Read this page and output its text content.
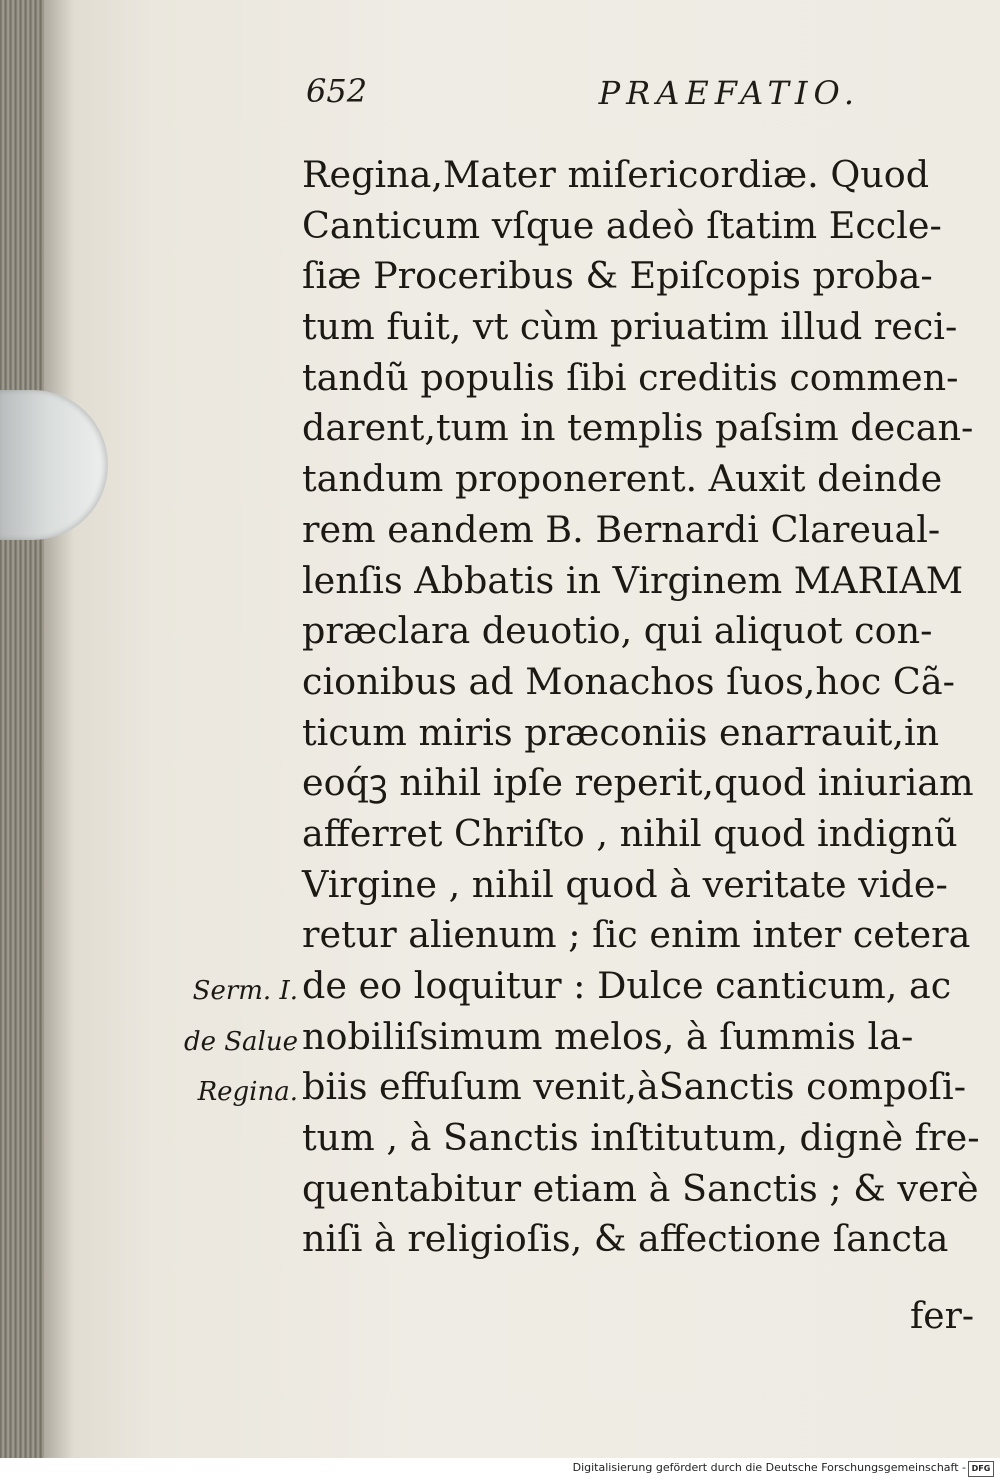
652	PRAEFATIO.
Regina,Mater miſericordiæ. Quod
Canticum vſque adeò ſtatim Eccle-
ſiæ Proceribus & Epiſcopis proba-
tum fuit, vt cùm priuatim illud reci-
tandũ populis ſibi creditis commen-
darent,tum in templis paſsim decan-
tandum proponerent. Auxit deinde
rem eandem B. Bernardi Clareual-
lenſis Abbatis in Virginem MARIAM
præclara deuotio, qui aliquot con-
cionibus ad Monachos ſuos,hoc Cã-
ticum miris præconiis enarrauit,in
eoq́ꝫ nihil ipſe reperit,quod iniuriam
afferret Chriſto , nihil quod indignũ
Virgine , nihil quod à veritate vide-
retur alienum ; ſic enim inter cetera
de eo loquitur : Dulce canticum, ac
nobiliſsimum melos, à ſummis la-
biis effuſum venit,àSanctis compoſi-
tum , à Sanctis inſtitutum, dignè fre-
quentabitur etiam à Sanctis ; & verè
niſi à religioſis, & affectione ſancta
Serm. I.
de Salue
Regina.
fer-
Digitalisierung gefördert durch die Deutsche Forschungsgemeinschaft - DFG
